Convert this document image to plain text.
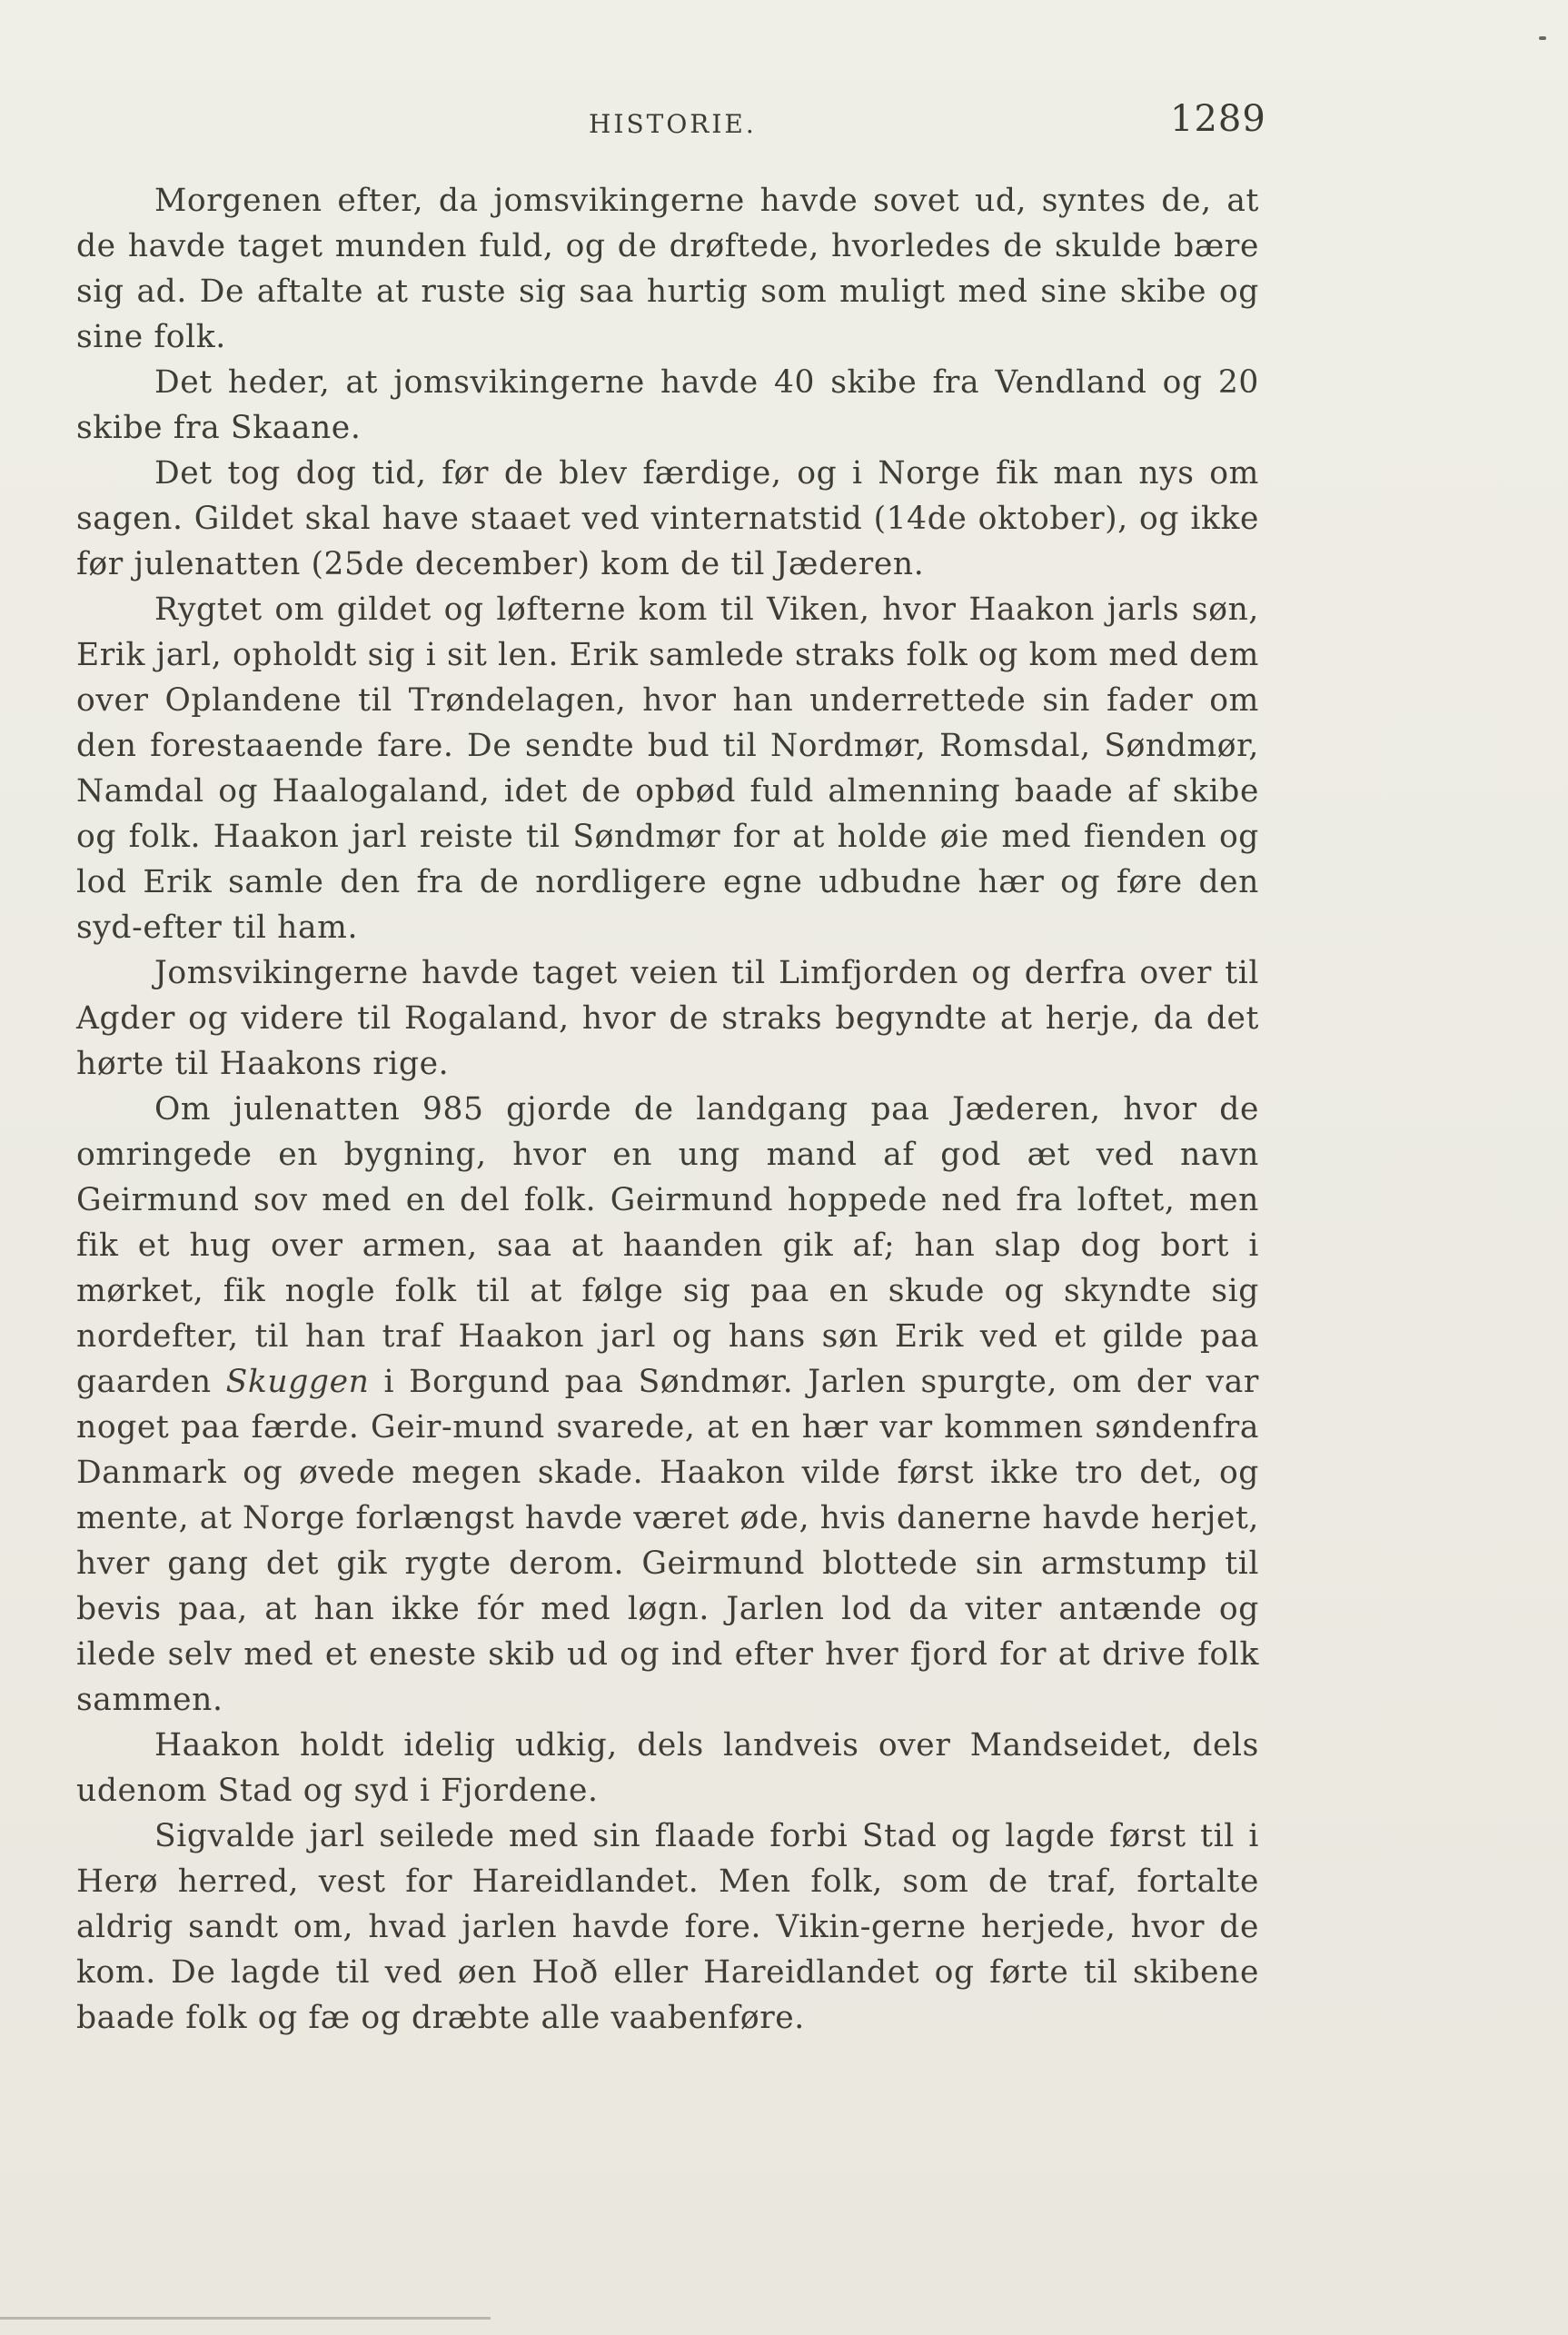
HISTORIE.	1289

Morgenen efter, da jomsvikingerne havde sovet ud, syntes de, at de havde taget munden fuld, og de drøftede, hvorledes de skulde bære sig ad. De aftalte at ruste sig saa hurtig som muligt med sine skibe og sine folk.

Det heder, at jomsvikingerne havde 40 skibe fra Vendland og 20 skibe fra Skaane.

Det tog dog tid, før de blev færdige, og i Norge fik man nys om sagen. Gildet skal have staaet ved vinternatstid (14de oktober), og ikke før julenatten (25de december) kom de til Jæderen.

Rygtet om gildet og løfterne kom til Viken, hvor Haakon jarls søn, Erik jarl, opholdt sig i sit len. Erik samlede straks folk og kom med dem over Oplandene til Trøndelagen, hvor han underrettede sin fader om den forestaaende fare. De sendte bud til Nordmør, Romsdal, Søndmør, Namdal og Haalogaland, idet de opbød fuld almenning baade af skibe og folk. Haakon jarl reiste til Søndmør for at holde øie med fienden og lod Erik samle den fra de nordligere egne udbudne hær og føre den syd-efter til ham.

Jomsvikingerne havde taget veien til Limfjorden og derfra over til Agder og videre til Rogaland, hvor de straks begyndte at herje, da det hørte til Haakons rige.

Om julenatten 985 gjorde de landgang paa Jæderen, hvor de omringede en bygning, hvor en ung mand af god æt ved navn Geirmund sov med en del folk. Geirmund hoppede ned fra loftet, men fik et hug over armen, saa at haanden gik af; han slap dog bort i mørket, fik nogle folk til at følge sig paa en skude og skyndte sig nordefter, til han traf Haakon jarl og hans søn Erik ved et gilde paa gaarden Skuggen i Borgund paa Søndmør. Jarlen spurgte, om der var noget paa færde. Geir-mund svarede, at en hær var kommen søndenfra Danmark og øvede megen skade. Haakon vilde først ikke tro det, og mente, at Norge forlængst havde været øde, hvis danerne havde herjet, hver gang det gik rygte derom. Geirmund blottede sin armstump til bevis paa, at han ikke fór med løgn. Jarlen lod da viter antænde og ilede selv med et eneste skib ud og ind efter hver fjord for at drive folk sammen.

Haakon holdt idelig udkig, dels landveis over Mandseidet, dels udenom Stad og syd i Fjordene.

Sigvalde jarl seilede med sin flaade forbi Stad og lagde først til i Herø herred, vest for Hareidlandet. Men folk, som de traf, fortalte aldrig sandt om, hvad jarlen havde fore. Vikin-gerne herjede, hvor de kom. De lagde til ved øen Hoð eller Hareidlandet og førte til skibene baade folk og fæ og dræbte alle vaabenføre.
